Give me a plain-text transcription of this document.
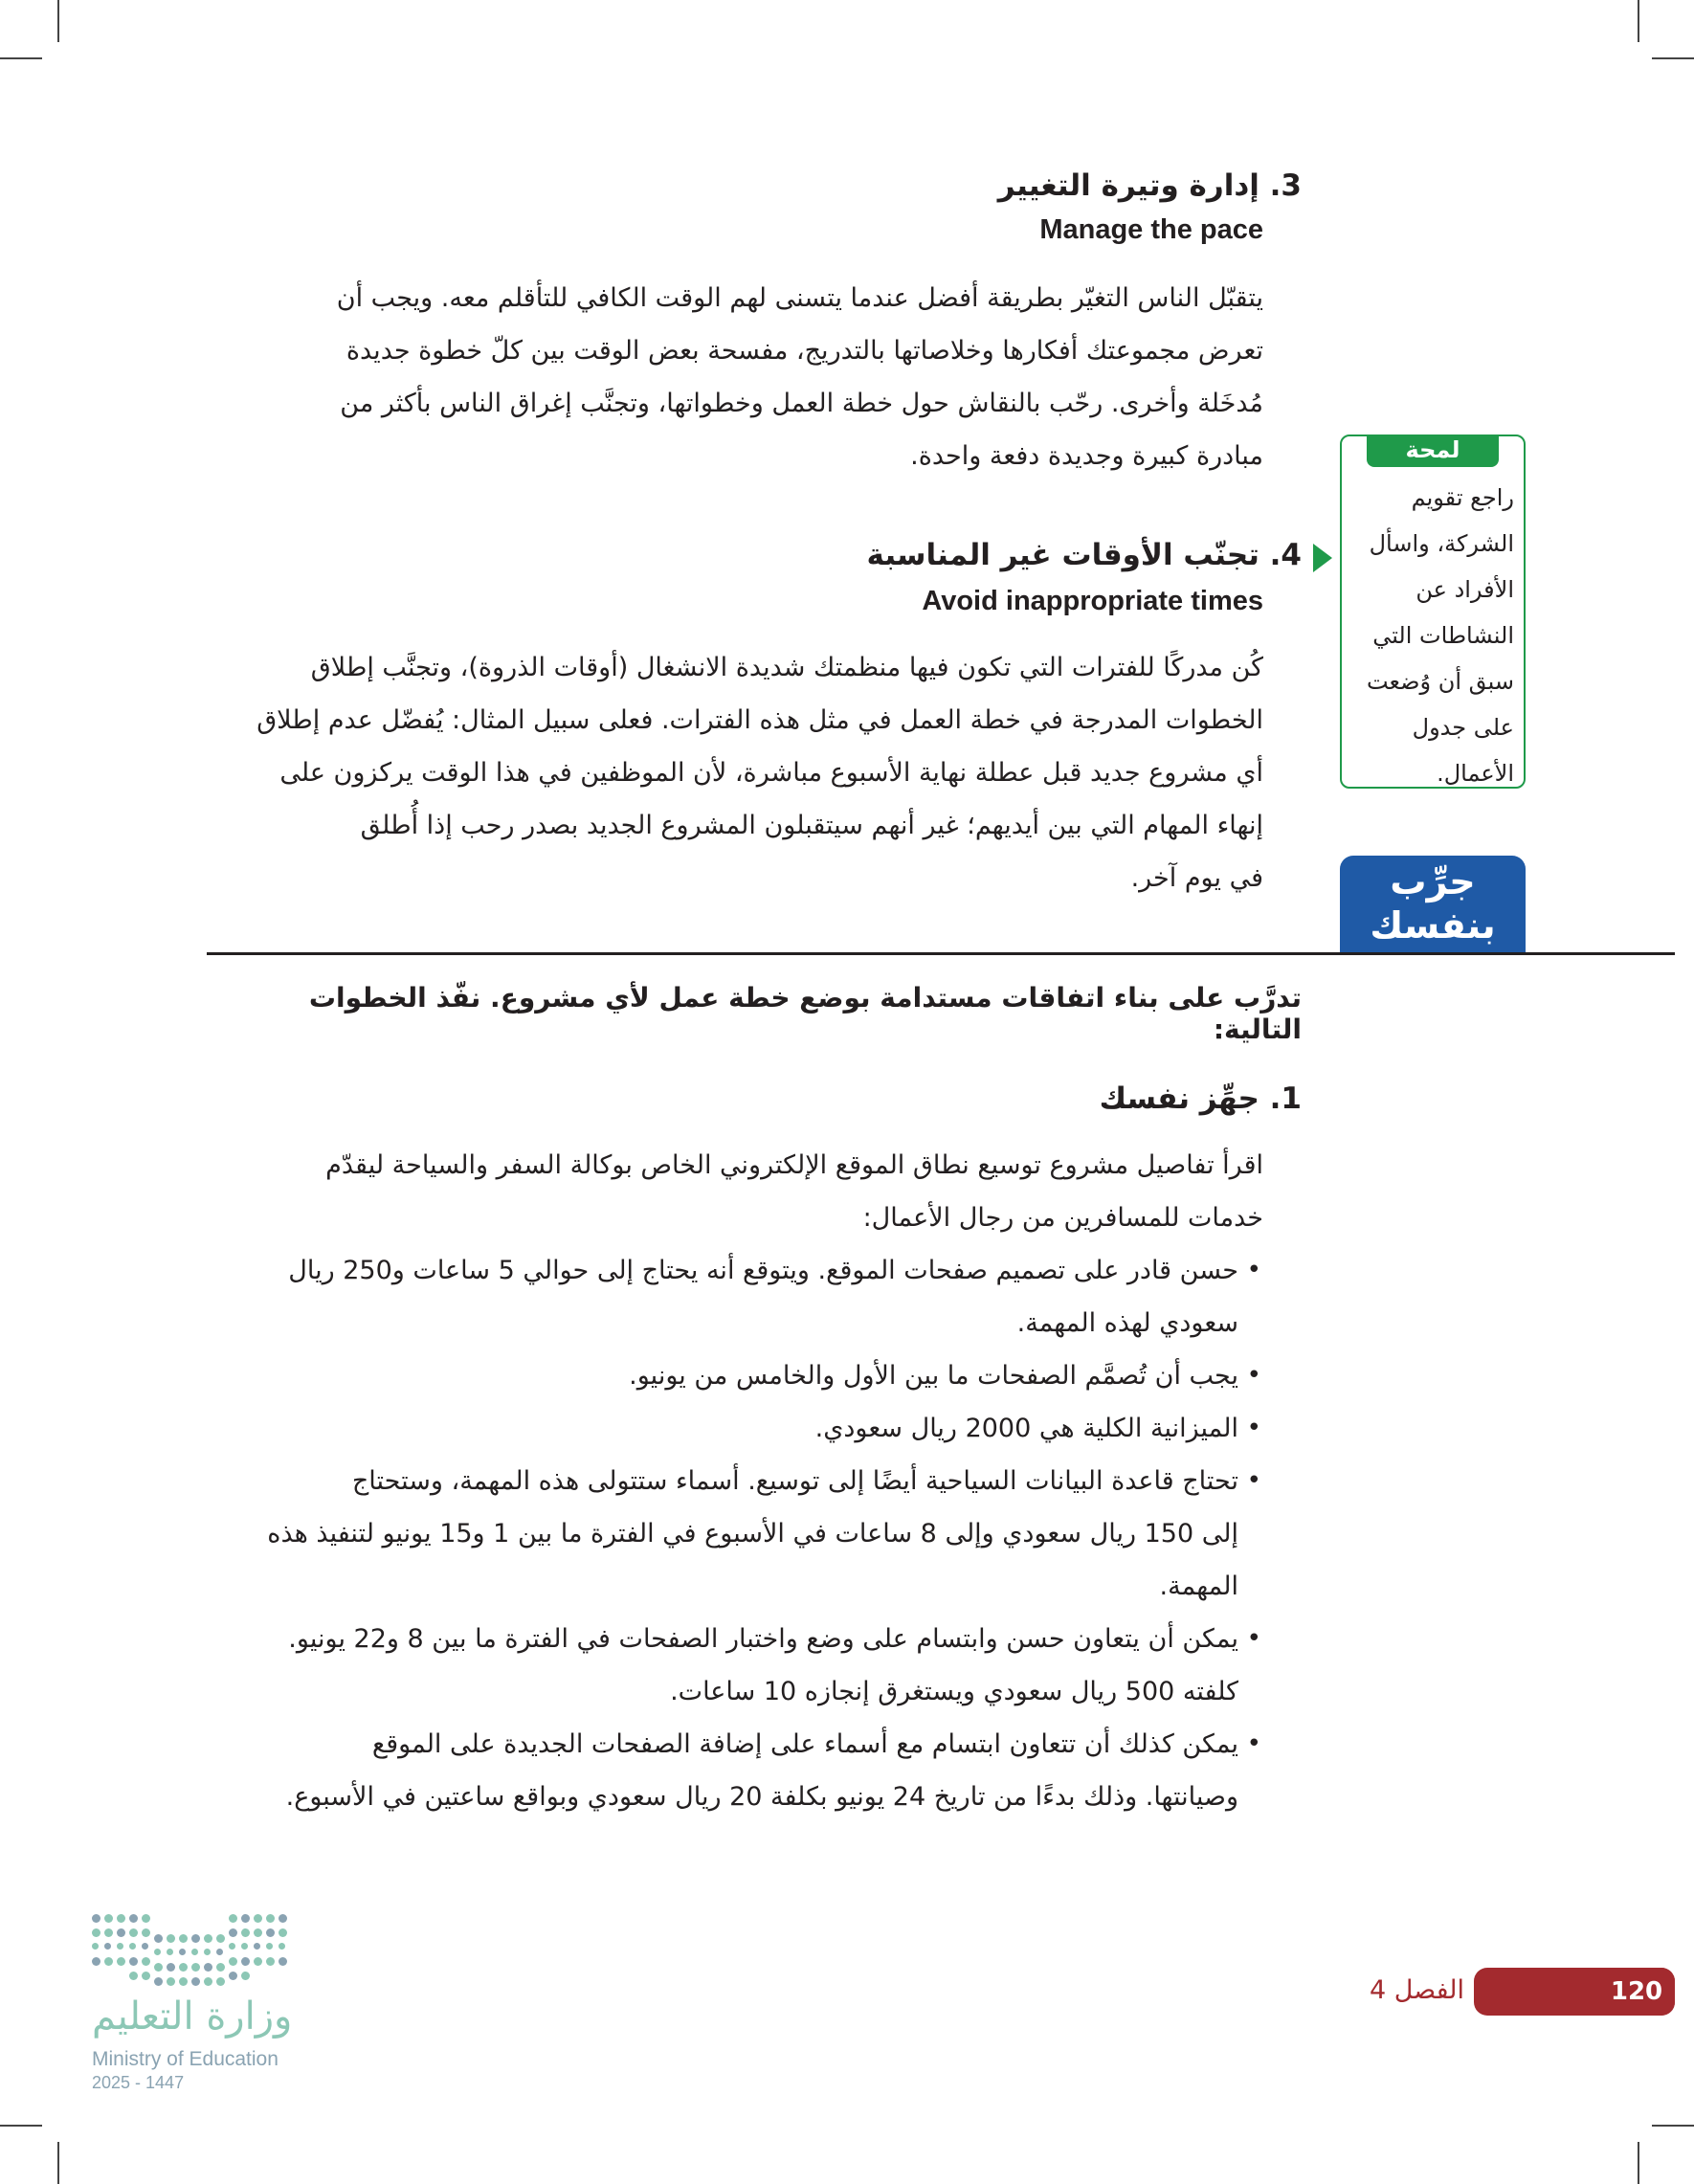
3. إدارة وتيرة التغيير
Manage the pace
يتقبّل الناس التغيّر بطريقة أفضل عندما يتسنى لهم الوقت الكافي للتأقلم معه. ويجب أن
تعرض مجموعتك أفكارها وخلاصاتها بالتدريج، مفسحة بعض الوقت بين كلّ خطوة جديدة
مُدخَلة وأخرى. رحّب بالنقاش حول خطة العمل وخطواتها، وتجنَّب إغراق الناس بأكثر من
مبادرة كبيرة وجديدة دفعة واحدة.	لمحة سريعة
راجع تقويم
الشركة، واسأل
الأفراد عن
النشاطات التي
سبق أن وُضعت
على جدول
الأعمال.
4. تجنّب الأوقات غير المناسبة
Avoid inappropriate times
كُن مدركًا للفترات التي تكون فيها منظمتك شديدة الانشغال (أوقات الذروة)، وتجنَّب إطلاق
الخطوات المدرجة في خطة العمل في مثل هذه الفترات. فعلى سبيل المثال: يُفضّل عدم إطلاق
أي مشروع جديد قبل عطلة نهاية الأسبوع مباشرة، لأن الموظفين في هذا الوقت يركزون على
إنهاء المهام التي بين أيديهم؛ غير أنهم سيتقبلون المشروع الجديد بصدر رحب إذا أُطلق
في يوم آخر.	جرِّب
بنفسك
تدرَّب على بناء اتفاقات مستدامة بوضع خطة عمل لأي مشروع. نفّذ الخطوات التالية:
1. جهِّز نفسك
اقرأ تفاصيل مشروع توسيع نطاق الموقع الإلكتروني الخاص بوكالة السفر والسياحة ليقدّم
خدمات للمسافرين من رجال الأعمال:
• حسن قادر على تصميم صفحات الموقع. ويتوقع أنه يحتاج إلى حوالي 5 ساعات و250 ريال
سعودي لهذه المهمة.
• يجب أن تُصمَّم الصفحات ما بين الأول والخامس من يونيو.
• الميزانية الكلية هي 2000 ريال سعودي.
• تحتاج قاعدة البيانات السياحية أيضًا إلى توسيع. أسماء ستتولى هذه المهمة، وستحتاج
إلى 150 ريال سعودي وإلى 8 ساعات في الأسبوع في الفترة ما بين 1 و15 يونيو لتنفيذ هذه
المهمة.
• يمكن أن يتعاون حسن وابتسام على وضع واختبار الصفحات في الفترة ما بين 8 و22 يونيو.
كلفته 500 ريال سعودي ويستغرق إنجازه 10 ساعات.
• يمكن كذلك أن تتعاون ابتسام مع أسماء على إضافة الصفحات الجديدة على الموقع
وصيانتها. وذلك بدءًا من تاريخ 24 يونيو بكلفة 20 ريال سعودي وبواقع ساعتين في الأسبوع.
120
الفصل 4
وزارة التعليم
Ministry of Education
2025 - 1447
